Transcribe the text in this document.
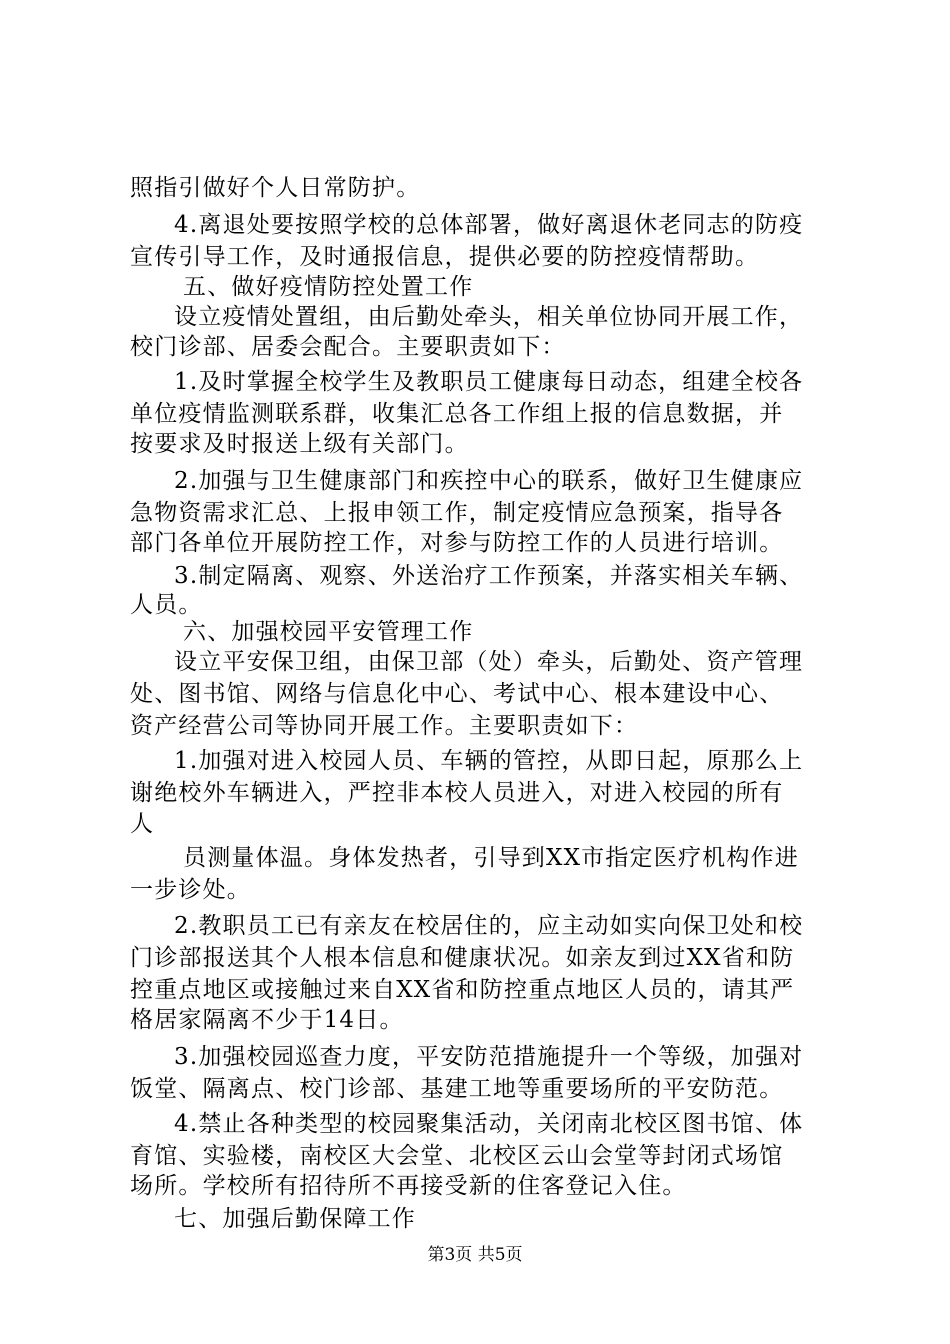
照指引做好个人日常防护。
4.离退处要按照学校的总体部署，做好离退休老同志的防疫
宣传引导工作，及时通报信息，提供必要的防控疫情帮助。
五、做好疫情防控处置工作
设立疫情处置组，由后勤处牵头，相关单位协同开展工作，
校门诊部、居委会配合。主要职责如下：
1.及时掌握全校学生及教职员工健康每日动态，组建全校各
单位疫情监测联系群，收集汇总各工作组上报的信息数据，并
按要求及时报送上级有关部门。
2.加强与卫生健康部门和疾控中心的联系，做好卫生健康应
急物资需求汇总、上报申领工作，制定疫情应急预案，指导各
部门各单位开展防控工作，对参与防控工作的人员进行培训。
3.制定隔离、观察、外送治疗工作预案，并落实相关车辆、
人员。
六、加强校园平安管理工作
设立平安保卫组，由保卫部（处）牵头，后勤处、资产管理
处、图书馆、网络与信息化中心、考试中心、根本建设中心、
资产经营公司等协同开展工作。主要职责如下：
1.加强对进入校园人员、车辆的管控，从即日起，原那么上
谢绝校外车辆进入，严控非本校人员进入，对进入校园的所有
人
员测量体温。身体发热者，引导到XX市指定医疗机构作进
一步诊处。
2.教职员工已有亲友在校居住的，应主动如实向保卫处和校
门诊部报送其个人根本信息和健康状况。如亲友到过XX省和防
控重点地区或接触过来自XX省和防控重点地区人员的，请其严
格居家隔离不少于14日。
3.加强校园巡查力度，平安防范措施提升一个等级，加强对
饭堂、隔离点、校门诊部、基建工地等重要场所的平安防范。
4.禁止各种类型的校园聚集活动，关闭南北校区图书馆、体
育馆、实验楼，南校区大会堂、北校区云山会堂等封闭式场馆
场所。学校所有招待所不再接受新的住客登记入住。
七、加强后勤保障工作
第3页 共5页
